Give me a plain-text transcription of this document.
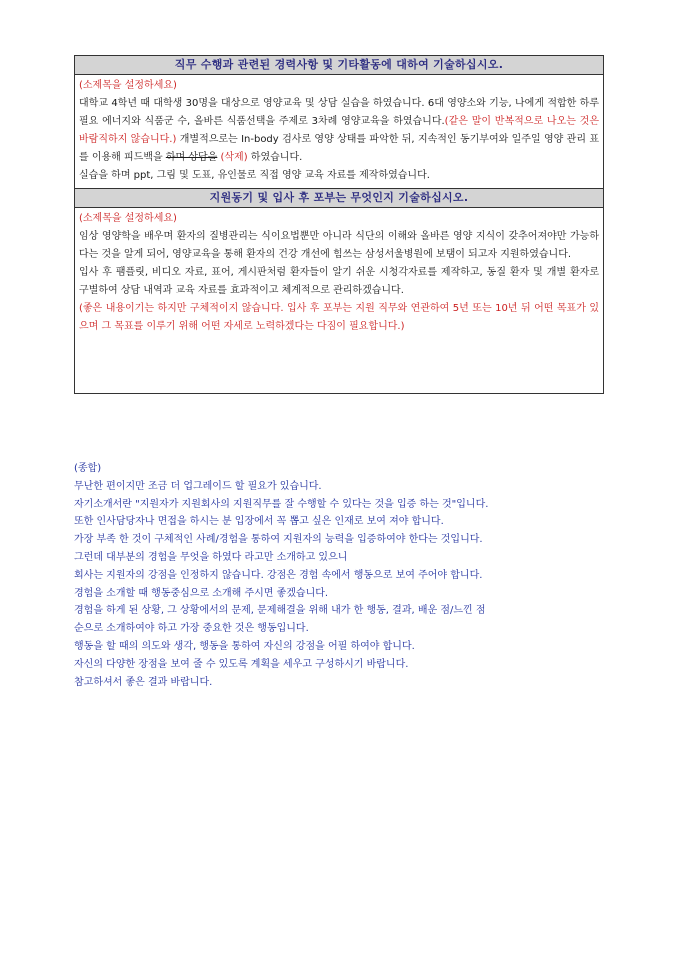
직무 수행과 관련된 경력사항 및 기타활동에 대하여 기술하십시오.

(소제목을 설정하세요)

대학교 4학년 때 대학생 30명을 대상으로 영양교육 및 상담 실습을 하였습니다. 6대 영양소와 기능, 나에게 적합한 하루 필요 에너지와 식품군 수, 올바른 식품선택을 주제로 3차례 영양교육을 하였습니다.(같은 말이 반복적으로 나오는 것은 바람직하지 않습니다.) 개별적으로는 In-body 검사로 영양 상태를 파악한 뒤, 지속적인 동기부여와 일주일 영양 관리 표를 이용해 피드백을 하며 상담을 (삭제) 하였습니다.

실습을 하며 ppt, 그림 및 도표, 유인물로 직접 영양 교육 자료를 제작하였습니다.

지원동기 및 입사 후 포부는 무엇인지 기술하십시오.

(소제목을 설정하세요)

임상 영양학을 배우며 환자의 질병관리는 식이요법뿐만 아니라 식단의 이해와 올바른 영양 지식이 갖추어져야만 가능하다는 것을 알게 되어, 영양교육을 통해 환자의 건강 개선에 힘쓰는 삼성서울병원에 보탬이 되고자 지원하였습니다.

입사 후 팸플릿, 비디오 자료, 표어, 게시판처럼 환자들이 알기 쉬운 시청각자료를 제작하고, 동질 환자 및 개별 환자로 구별하여 상담 내역과 교육 자료를 효과적이고 체계적으로 관리하겠습니다.

(좋은 내용이기는 하지만 구체적이지 않습니다. 입사 후 포부는 지원 직무와 연관하여 5년 또는 10년 뒤 어떤 목표가 있으며 그 목표를 이루기 위해 어떤 자세로 노력하겠다는 다짐이 필요합니다.)

(종합)

무난한 편이지만 조금 더 업그레이드 할 필요가 있습니다.

자기소개서란 "지원자가 지원회사의 지원직무를 잘 수행할 수 있다는 것을 입증 하는 것"입니다.

또한 인사담당자나 면접을 하시는 분 입장에서 꼭 뽑고 싶은 인재로 보여 져야 합니다.

가장 부족 한 것이 구체적인 사례/경험을 통하여 지원자의 능력을 입증하여야 한다는 것입니다.

그런데 대부분의 경험을 무엇을 하였다 라고만 소개하고 있으니

회사는 지원자의 강점을 인정하지 않습니다. 강점은 경험 속에서 행동으로 보여 주어야 합니다.

경험을 소개할 때 행동중심으로 소개해 주시면 좋겠습니다.

경험을 하게 된 상황, 그 상황에서의 문제, 문제해결을 위해 내가 한 행동, 결과, 배운 점/느낀 점

순으로 소개하여야 하고 가장 중요한 것은 행동입니다.

행동을 할 때의 의도와 생각, 행동을 통하여 자신의 강점을 어필 하여야 합니다.

자신의 다양한 장점을 보여 줄 수 있도록 계획을 세우고 구성하시기 바랍니다.

참고하셔서 좋은 결과 바랍니다.
